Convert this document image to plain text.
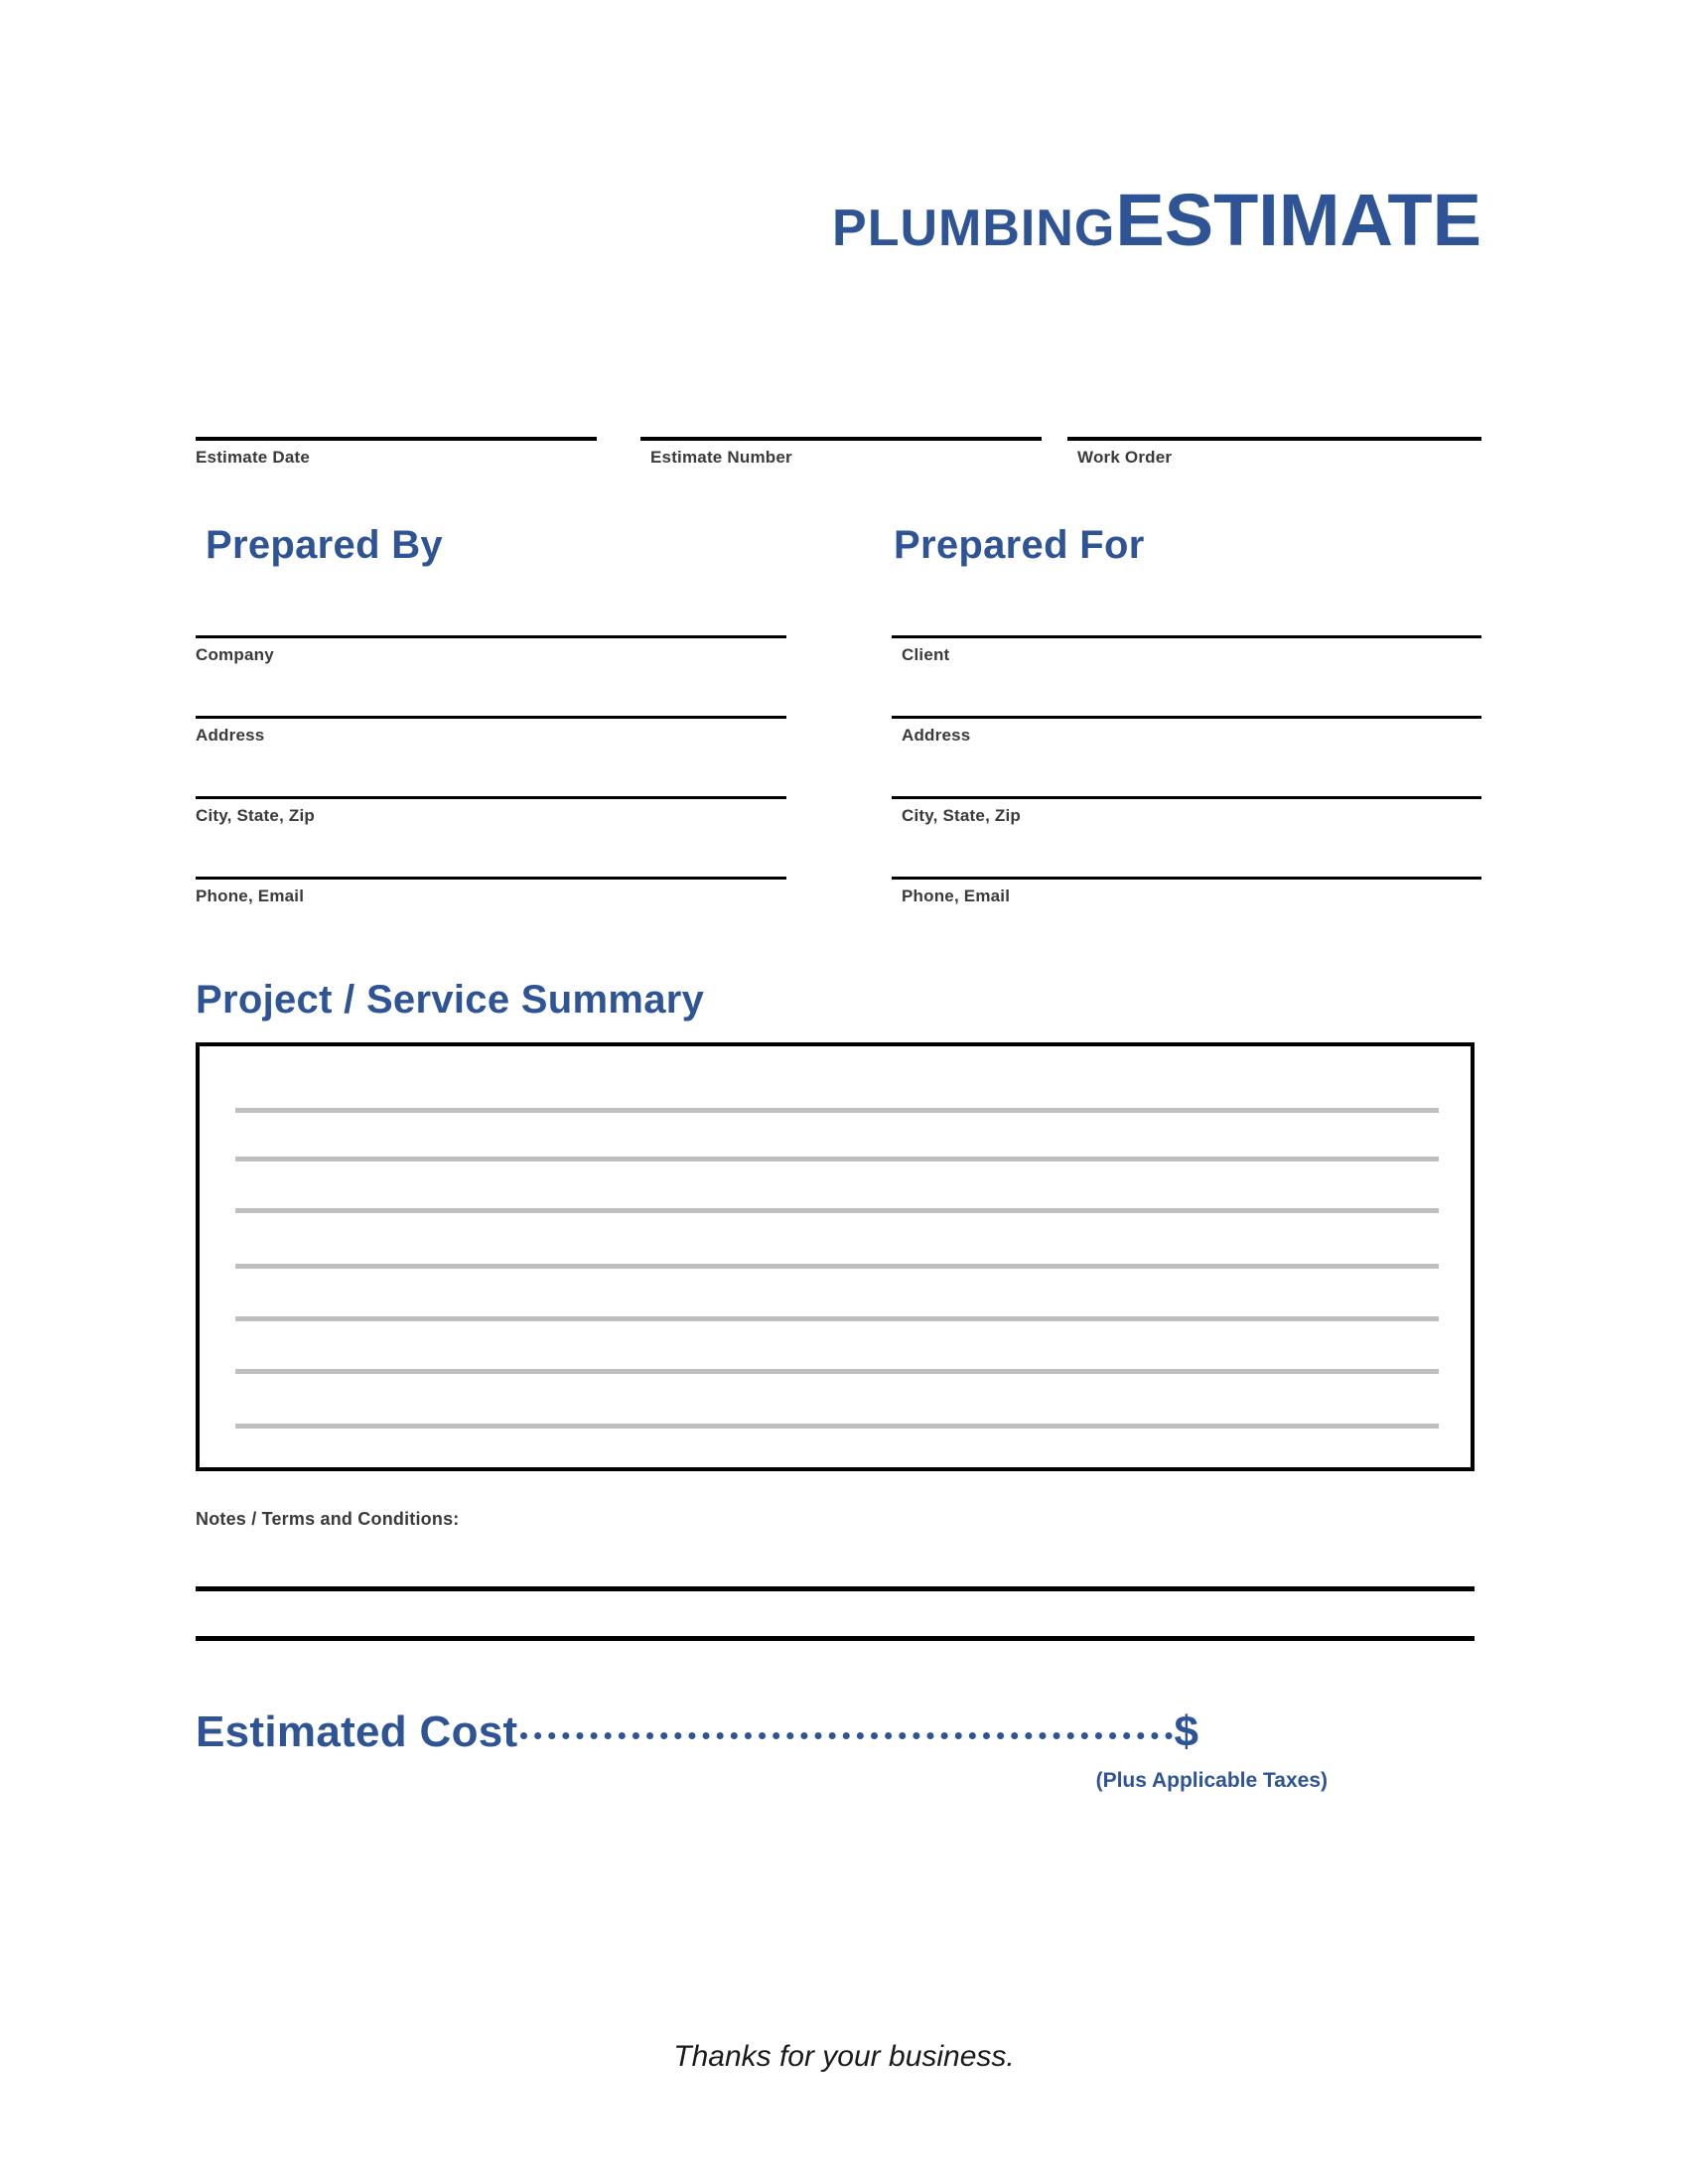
PLUMBINGESTIMATE
Estimate Date	Estimate Number	Work Order
Prepared By	Prepared For
Company
Address
City, State, Zip
Phone, Email
Client
Address
City, State, Zip
Phone, Email
Project / Service Summary
Notes / Terms and Conditions:
Estimated Cost	$
(Plus Applicable Taxes)
Thanks for your business.
